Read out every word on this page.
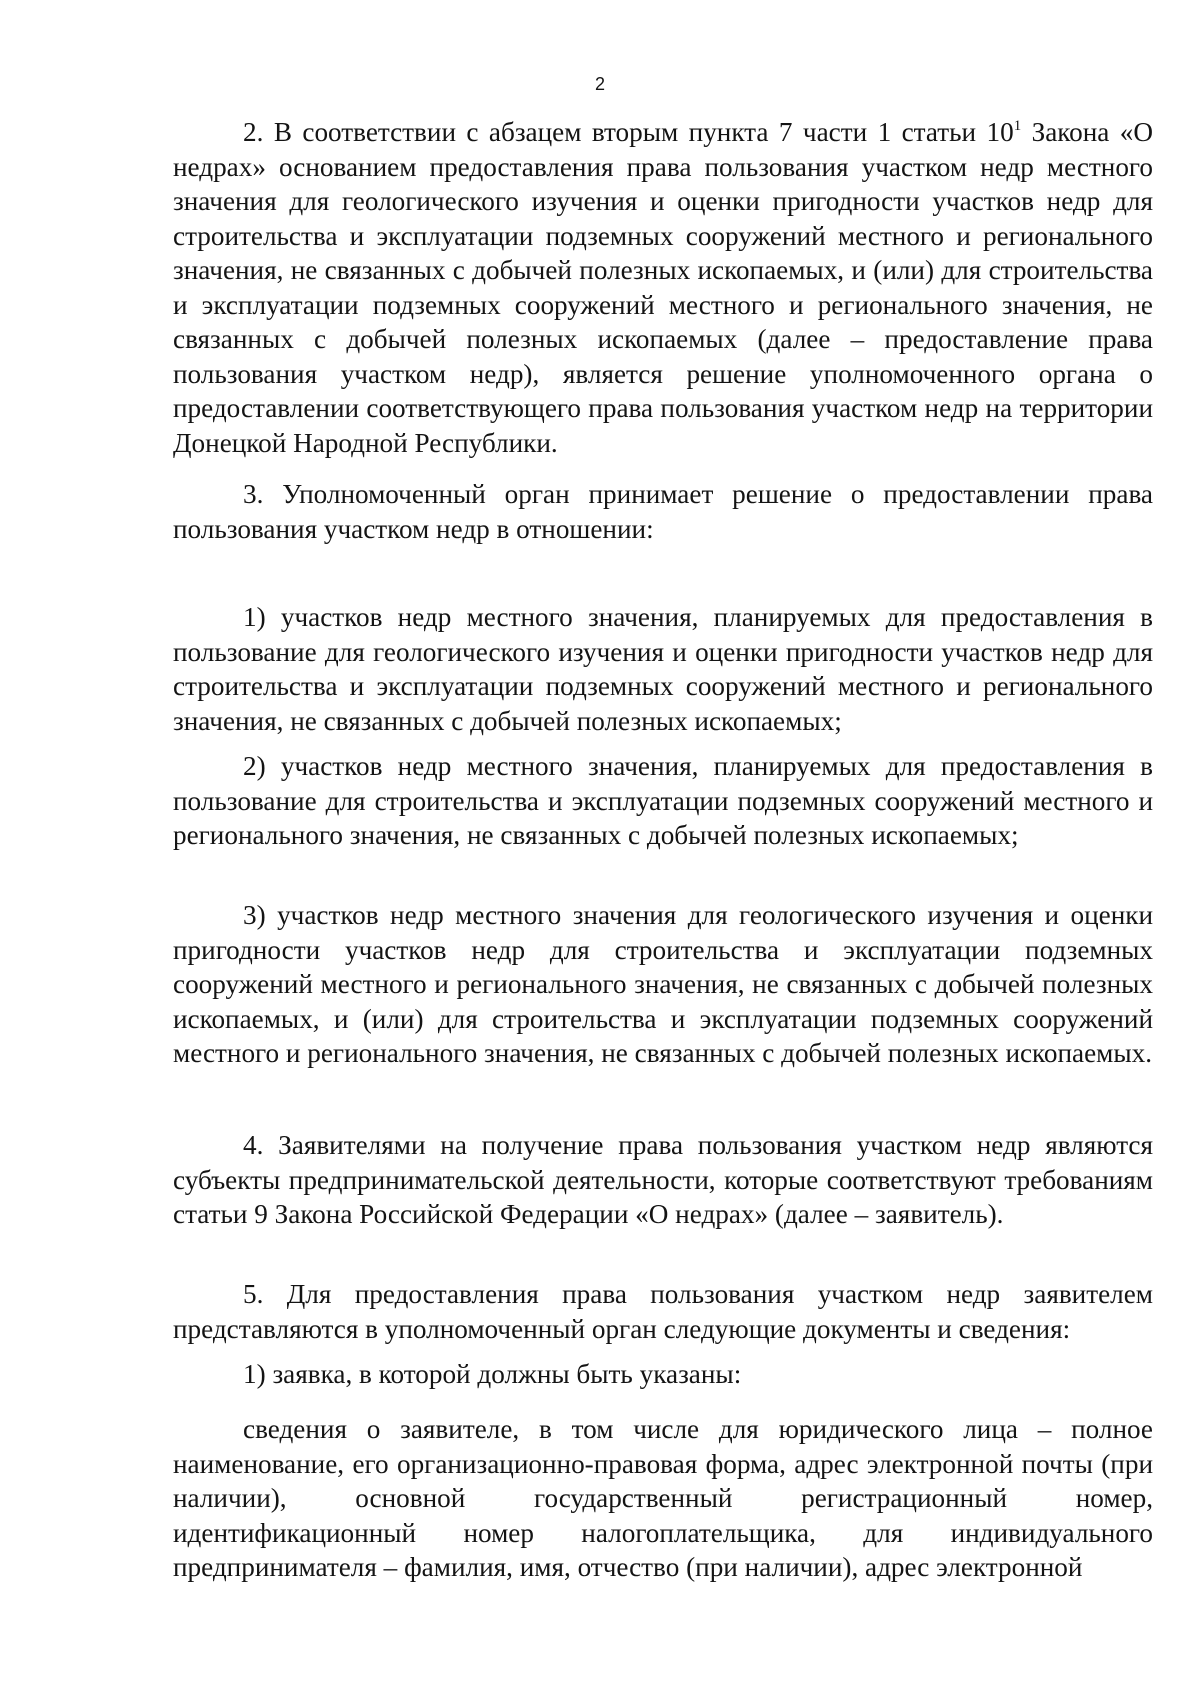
2

2. В соответствии с абзацем вторым пункта 7 части 1 статьи $10^1$ Закона «О недрах» основанием предоставления права пользования участком недр местного значения для геологического изучения и оценки пригодности участков недр для строительства и эксплуатации подземных сооружений местного и регионального значения, не связанных с добычей полезных ископаемых, и (или) для строительства и эксплуатации подземных сооружений местного и регионального значения, не связанных с добычей полезных ископаемых (далее – предоставление права пользования участком недр), является решение уполномоченного органа о предоставлении соответствующего права пользования участком недр на территории Донецкой Народной Республики.

3. Уполномоченный орган принимает решение о предоставлении права пользования участком недр в отношении:

1) участков недр местного значения, планируемых для предоставления в пользование для геологического изучения и оценки пригодности участков недр для строительства и эксплуатации подземных сооружений местного и регионального значения, не связанных с добычей полезных ископаемых;

2) участков недр местного значения, планируемых для предоставления в пользование для строительства и эксплуатации подземных сооружений местного и регионального значения, не связанных с добычей полезных ископаемых;

3) участков недр местного значения для геологического изучения и оценки пригодности участков недр для строительства и эксплуатации подземных сооружений местного и регионального значения, не связанных с добычей полезных ископаемых, и (или) для строительства и эксплуатации подземных сооружений местного и регионального значения, не связанных с добычей полезных ископаемых.

4. Заявителями на получение права пользования участком недр являются субъекты предпринимательской деятельности, которые соответствуют требованиям статьи 9 Закона Российской Федерации «О недрах» (далее – заявитель).

5. Для предоставления права пользования участком недр заявителем представляются в уполномоченный орган следующие документы и сведения:

1) заявка, в которой должны быть указаны:

сведения о заявителе, в том числе для юридического лица – полное наименование, его организационно-правовая форма, адрес электронной почты (при наличии), основной государственный регистрационный номер, идентификационный номер налогоплательщика, для индивидуального предпринимателя – фамилия, имя, отчество (при наличии), адрес электронной
